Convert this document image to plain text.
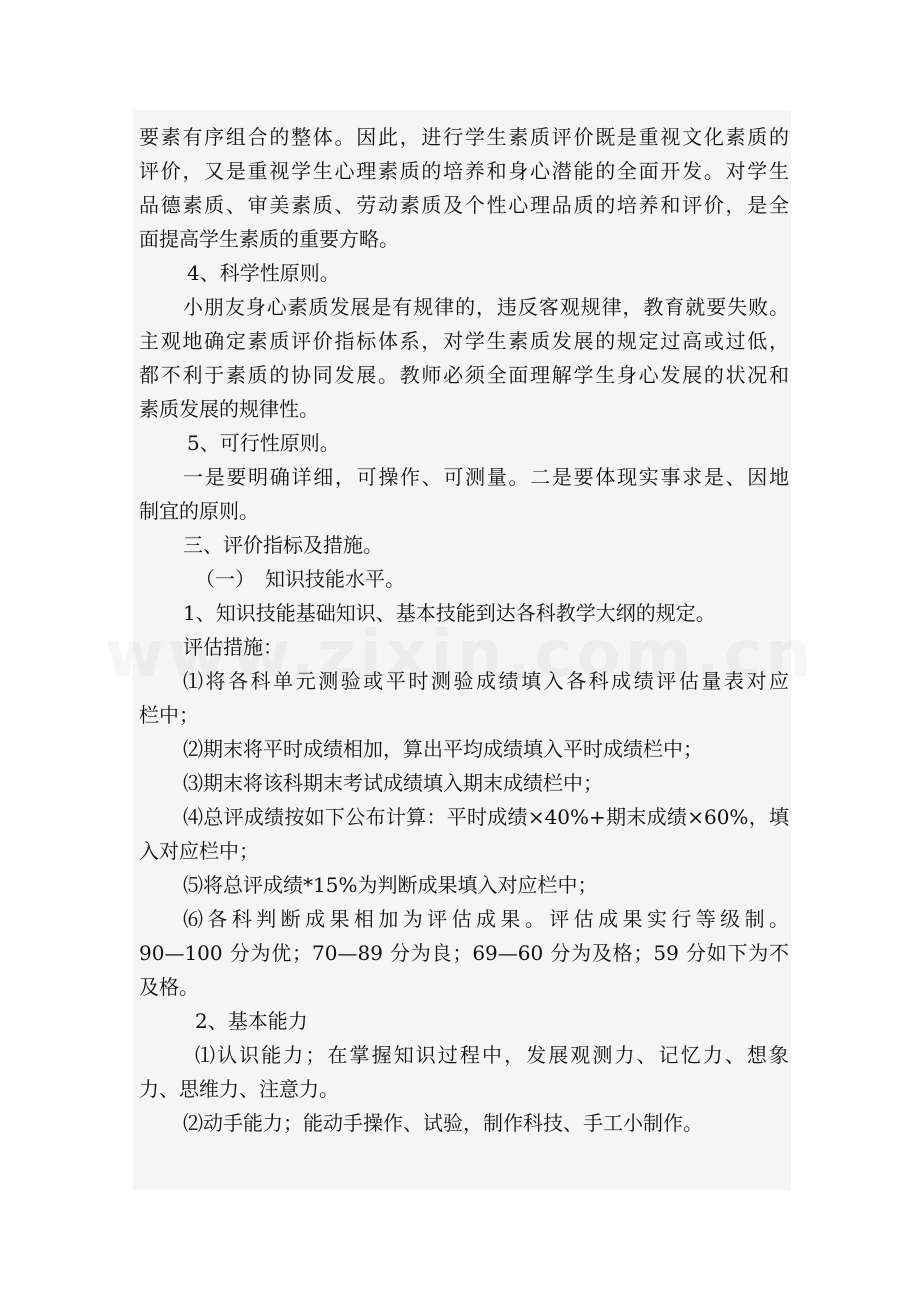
要素有序组合的整体。因此，进行学生素质评价既是重视文化素质的
评价，又是重视学生心理素质的培养和身心潜能的全面开发。对学生
品德素质、审美素质、劳动素质及个性心理品质的培养和评价，是全
面提高学生素质的重要方略。
4、科学性原则。
小朋友身心素质发展是有规律的，违反客观规律，教育就要失败。
主观地确定素质评价指标体系，对学生素质发展的规定过高或过低，
都不利于素质的协同发展。教师必须全面理解学生身心发展的状况和
素质发展的规律性。
5、可行性原则。
一是要明确详细，可操作、可测量。二是要体现实事求是、因地
制宜的原则。
三、评价指标及措施。
（一）　知识技能水平。
1、知识技能基础知识、基本技能到达各科教学大纲的规定。
评估措施：
⑴将各科单元测验或平时测验成绩填入各科成绩评估量表对应
栏中；
⑵期末将平时成绩相加，算出平均成绩填入平时成绩栏中；
⑶期末将该科期末考试成绩填入期末成绩栏中；
⑷总评成绩按如下公布计算：平时成绩×40%+期末成绩×60%，填
入对应栏中；
⑸将总评成绩*15%为判断成果填入对应栏中；
⑹各科判断成果相加为评估成果。评估成果实行等级制。
90—100 分为优；70—89 分为良；69—60 分为及格；59 分如下为不
及格。
2、基本能力
⑴认识能力；在掌握知识过程中，发展观测力、记忆力、想象
力、思维力、注意力。
⑵动手能力；能动手操作、试验，制作科技、手工小制作。
